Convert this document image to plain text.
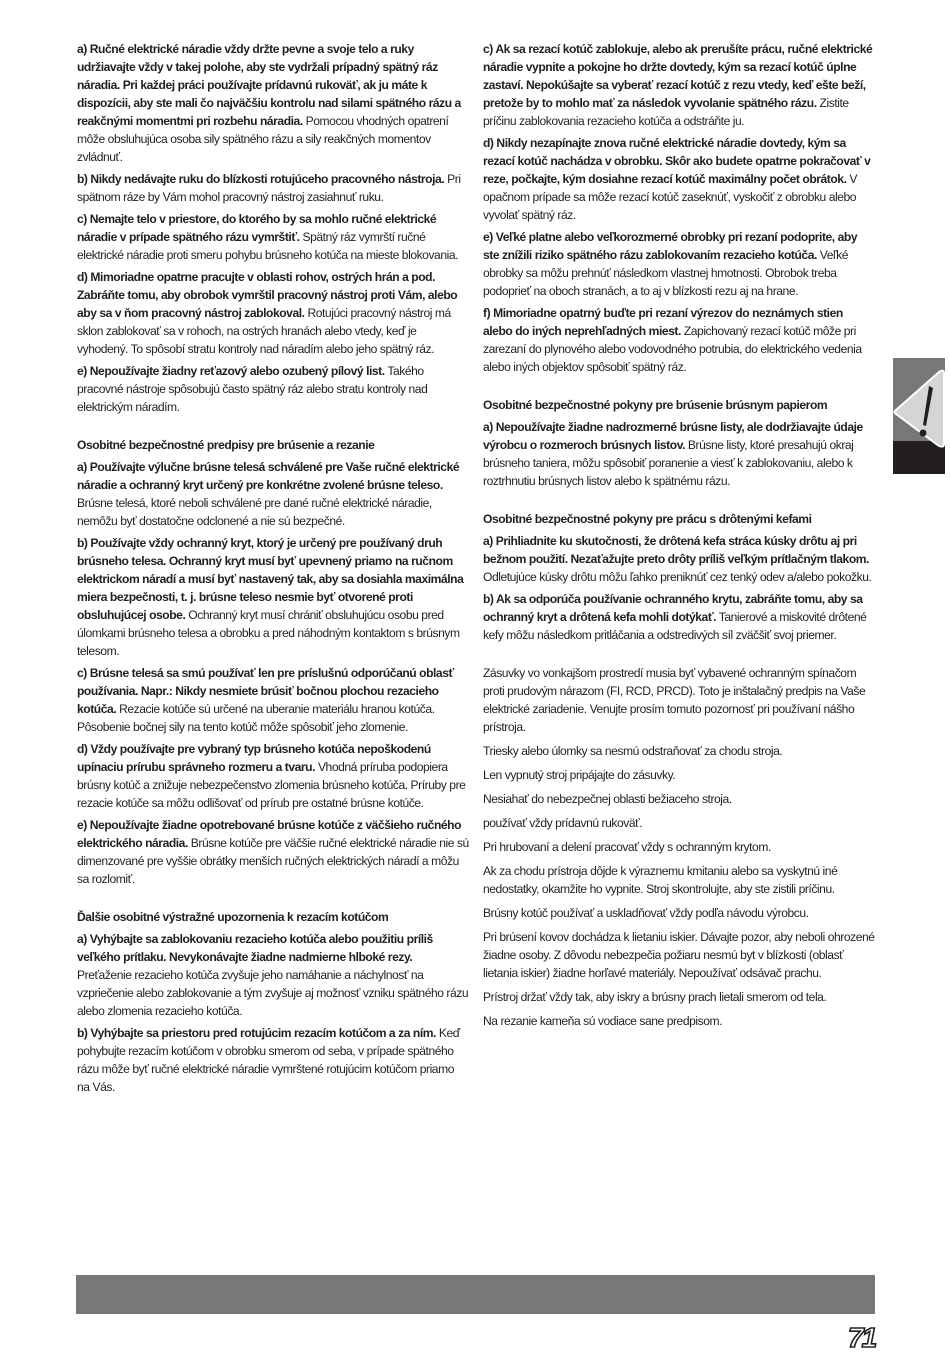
a) Ručné elektrické náradie vždy držte pevne a svoje telo a ruky udržiavajte vždy v takej polohe, aby ste vydržali prípadný spätný ráz náradia. Pri každej práci používajte prídavnú rukoväť, ak ju máte k dispozícii, aby ste mali čo najväčšiu kontrolu nad silami spätného rázu a reakčnými momentmi pri rozbehu náradia. Pomocou vhodných opatrení môže obsluhujúca osoba sily spätného rázu a sily reakčných momentov zvládnuť.

b) Nikdy nedávajte ruku do blízkosti rotujúceho pracovného nástroja. Pri spätnom ráze by Vám mohol pracovný nástroj zasiahnuť ruku.

c) Nemajte telo v priestore, do ktorého by sa mohlo ručné elektrické náradie v prípade spätného rázu vymrštiť. Spätný ráz vymrští ručné elektrické náradie proti smeru pohybu brúsneho kotúča na mieste blokovania.

d) Mimoriadne opatrne pracujte v oblasti rohov, ostrých hrán a pod. Zabráňte tomu, aby obrobok vymrštil pracovný nástroj proti Vám, alebo aby sa v ňom pracovný nástroj zablokoval. Rotujúci pracovný nástroj má sklon zablokovať sa v rohoch, na ostrých hranách alebo vtedy, keď je vyhodený. To spôsobí stratu kontroly nad náradím alebo jeho spätný ráz.

e) Nepoužívajte žiadny reťazový alebo ozubený pílový list. Takého pracovné nástroje spôsobujú často spätný ráz alebo stratu kontroly nad elektrickým náradím.

Osobitné bezpečnostné predpisy pre brúsenie a rezanie

a) Používajte výlučne brúsne telesá schválené pre Vaše ručné elektrické náradie a ochranný kryt určený pre konkrétne zvolené brúsne teleso. Brúsne telesá, ktoré neboli schválené pre dané ručné elektrické náradie, nemôžu byť dostatočne odclonené a nie sú bezpečné.

b) Používajte vždy ochranný kryt, ktorý je určený pre používaný druh brúsneho telesa. Ochranný kryt musí byť upevnený priamo na ručnom elektrickom náradí a musí byť nastavený tak, aby sa dosiahla maximálna miera bezpečnosti, t. j. brúsne teleso nesmie byť otvorené proti obsluhujúcej osobe. Ochranný kryt musí chrániť obsluhujúcu osobu pred úlomkami brúsneho telesa a obrobku a pred náhodným kontaktom s brúsnym telesom.

c) Brúsne telesá sa smú používať len pre príslušnú odporúčanú oblasť používania. Napr.: Nikdy nesmiete brúsiť bočnou plochou rezacieho kotúča. Rezacie kotúče sú určené na uberanie materiálu hranou kotúča. Pôsobenie bočnej sily na tento kotúč môže spôsobiť jeho zlomenie.

d) Vždy používajte pre vybraný typ brúsneho kotúča nepoškodenú upínaciu prírubu správneho rozmeru a tvaru. Vhodná príruba podopiera brúsny kotúč a znižuje nebezpečenstvo zlomenia brúsneho kotúča. Príruby pre rezacie kotúče sa môžu odlišovať od prírub pre ostatné brúsne kotúče.

e) Nepoužívajte žiadne opotrebované brúsne kotúče z väčšieho ručného elektrického náradia. Brúsne kotúče pre väčšie ručné elektrické náradie nie sú dimenzované pre vyššie obrátky menších ručných elektrických náradí a môžu sa rozlomiť.

Ďalšie osobitné výstražné upozornenia k rezacím kotúčom

a) Vyhýbajte sa zablokovaniu rezacieho kotúča alebo použitiu príliš veľkého prítlaku. Nevykonávajte žiadne nadmierne hlboké rezy. Preťaženie rezacieho kotúča zvyšuje jeho namáhanie a náchylnosť na vzpriečenie alebo zablokovanie a tým zvyšuje aj možnosť vzniku spätného rázu alebo zlomenia rezacieho kotúča.

b) Vyhýbajte sa priestoru pred rotujúcim rezacím kotúčom a za ním. Keď pohybujte rezacím kotúčom v obrobku smerom od seba, v prípade spätného rázu môže byť ručné elektrické náradie vymrštené rotujúcim kotúčom priamo na Vás.

c) Ak sa rezací kotúč zablokuje, alebo ak prerušíte prácu, ručné elektrické náradie vypnite a pokojne ho držte dovtedy, kým sa rezací kotúč úplne zastaví. Nepokúšajte sa vyberať rezací kotúč z rezu vtedy, keď ešte beží, pretože by to mohlo mať za následok vyvolanie spätného rázu. Zistite príčinu zablokovania rezacieho kotúča a odstráňte ju.

d) Nikdy nezapínajte znova ručné elektrické náradie dovtedy, kým sa rezací kotúč nachádza v obrobku. Skôr ako budete opatrne pokračovať v reze, počkajte, kým dosiahne rezací kotúč maximálny počet obrátok. V opačnom prípade sa môže rezací kotúč zaseknúť, vyskočiť z obrobku alebo vyvolať spätný ráz.

e) Veľké platne alebo veľkorozmerné obrobky pri rezaní podoprite, aby ste znížili riziko spätného rázu zablokovaním rezacieho kotúča. Veľké obrobky sa môžu prehnúť následkom vlastnej hmotnosti. Obrobok treba podoprieť na oboch stranách, a to aj v blízkosti rezu aj na hrane.

f) Mimoriadne opatrný buďte pri rezaní výrezov do neznámych stien alebo do iných neprehľadných miest. Zapichovaný rezací kotúč môže pri zarezaní do plynového alebo vodovodného potrubia, do elektrického vedenia alebo iných objektov spôsobiť spätný ráz.

Osobitné bezpečnostné pokyny pre brúsenie brúsnym papierom

a) Nepoužívajte žiadne nadrozmerné brúsne listy, ale dodržiavajte údaje výrobcu o rozmeroch brúsnych listov. Brúsne listy, ktoré presahujú okraj brúsneho taniera, môžu spôsobiť poranenie a viesť k zablokovaniu, alebo k roztrhnutiu brúsnych listov alebo k spätnému rázu.

Osobitné bezpečnostné pokyny pre prácu s drôtenými kefami

a) Prihliadnite ku skutočnosti, že drôtená kefa stráca kúsky drôtu aj pri bežnom použití. Nezaťažujte preto drôty príliš veľkým prítlačným tlakom. Odletujúce kúsky drôtu môžu ľahko preniknúť cez tenký odev a/alebo pokožku.

b) Ak sa odporúča používanie ochranného krytu, zabráňte tomu, aby sa ochranný kryt a drôtená kefa mohli dotýkať. Tanierové a miskovité drôtené kefy môžu následkom pritláčania a odstredivých síl zväčšiť svoj priemer.

Zásuvky vo vonkajšom prostredí musia byť vybavené ochranným spínačom proti prudovým nárazom (FI, RCD, PRCD). Toto je inštalačný predpis na Vaše elektrické zariadenie. Venujte prosím tomuto pozornosť pri používaní nášho prístroja.

Triesky alebo úlomky sa nesmú odstraňovať za chodu stroja.

Len vypnutý stroj pripájajte do zásuvky.

Nesiahať do nebezpečnej oblasti bežiaceho stroja.

používať vždy prídavnú rukoväť.

Pri hrubovaní a delení pracovať vždy s ochranným krytom.

Ak za chodu prístroja dôjde k výraznemu kmitaniu alebo sa vyskytnú iné nedostatky, okamžite ho vypnite. Stroj skontrolujte, aby ste zistili príčinu.

Brúsny kotúč používať a uskladňovať vždy podľa návodu výrobcu.

Pri brúsení kovov dochádza k lietaniu iskier. Dávajte pozor, aby neboli ohrozené žiadne osoby. Z dôvodu nebezpečia požiaru nesmú byt v blízkosti (oblasť lietania iskier) žiadne horľavé materiály. Nepoužívať odsávač prachu.

Prístroj držať vždy tak, aby iskry a brúsny prach lietali smerom od tela.

Na rezanie kameňa sú vodiace sane predpisom.

71
